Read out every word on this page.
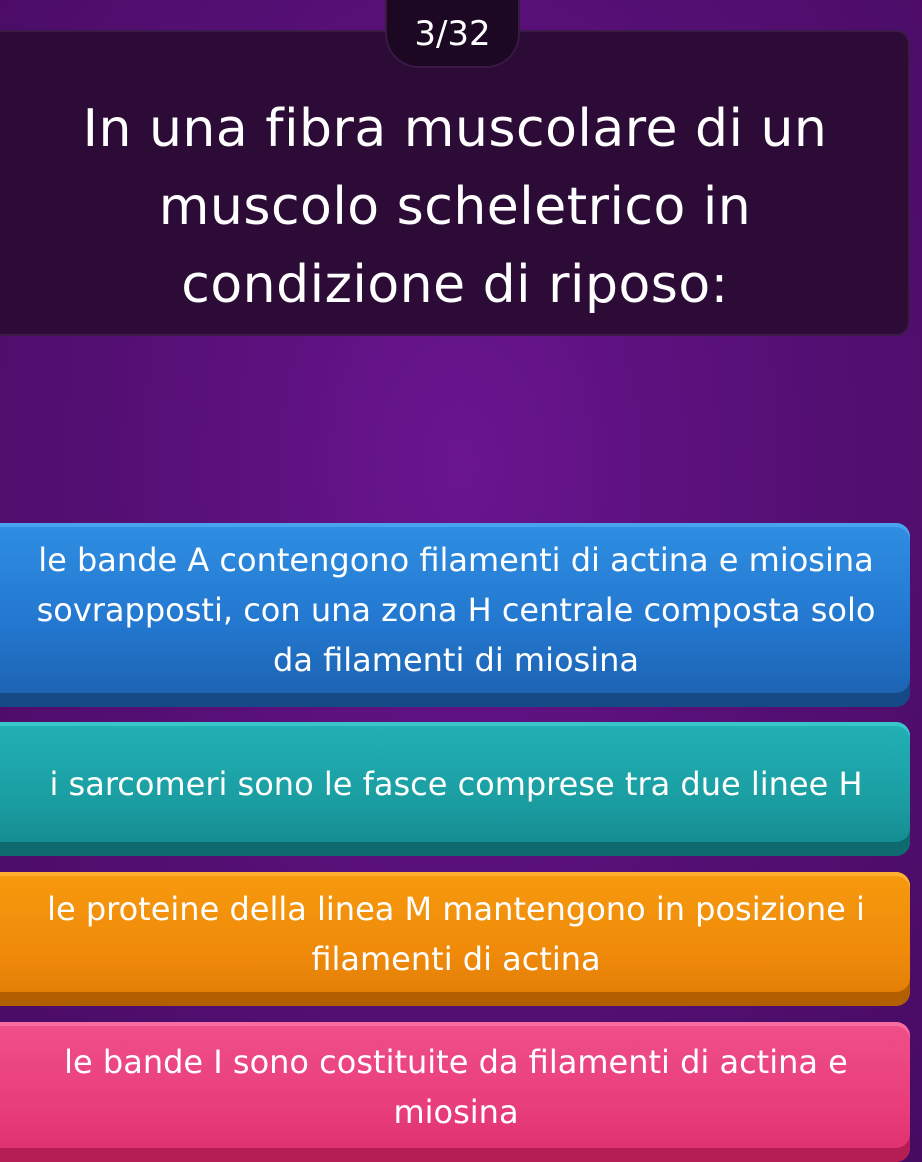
3/32
In una fibra muscolare di un muscolo scheletrico in condizione di riposo:
le bande A contengono filamenti di actina e miosina sovrapposti, con una zona H centrale composta solo da filamenti di miosina
i sarcomeri sono le fasce comprese tra due linee H
le proteine della linea M mantengono in posizione i filamenti di actina
le bande I sono costituite da filamenti di actina e miosina
